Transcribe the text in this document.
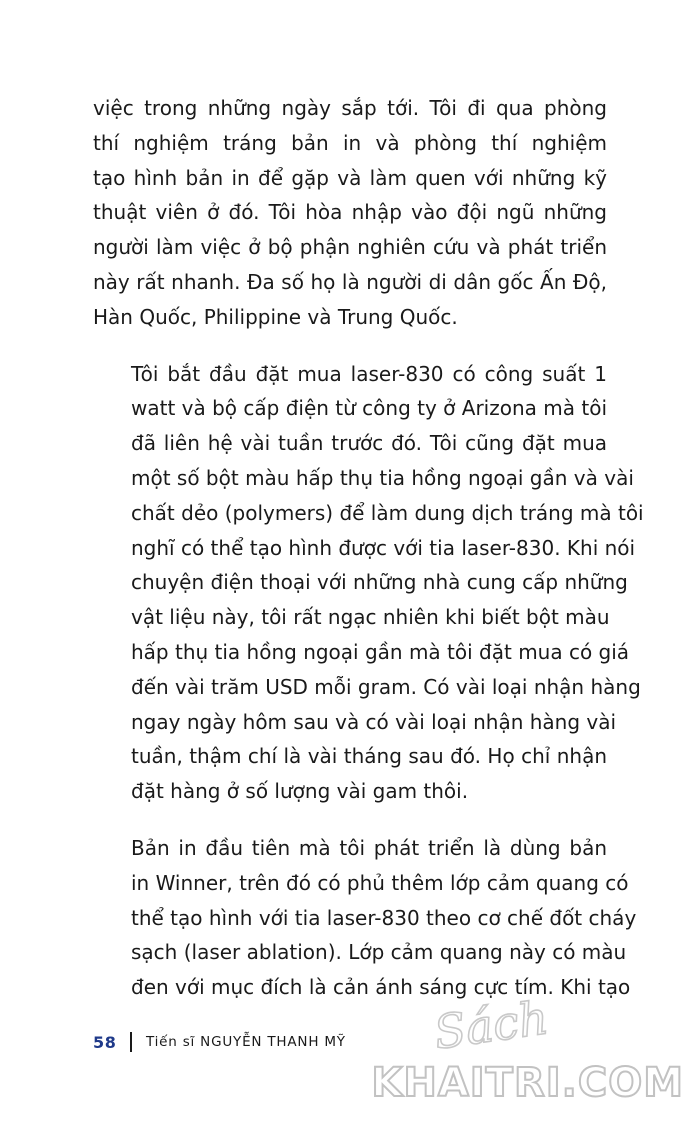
việc trong những ngày sắp tới. Tôi đi qua phòng
thí nghiệm tráng bản in và phòng thí nghiệm
tạo hình bản in để gặp và làm quen với những kỹ
thuật viên ở đó. Tôi hòa nhập vào đội ngũ những
người làm việc ở bộ phận nghiên cứu và phát triển
này rất nhanh. Đa số họ là người di dân gốc Ấn Độ,
Hàn Quốc, Philippine và Trung Quốc.
Tôi bắt đầu đặt mua laser-830 có công suất 1
watt và bộ cấp điện từ công ty ở Arizona mà tôi
đã liên hệ vài tuần trước đó. Tôi cũng đặt mua
một số bột màu hấp thụ tia hồng ngoại gần và vài
chất dẻo (polymers) để làm dung dịch tráng mà tôi
nghĩ có thể tạo hình được với tia laser-830. Khi nói
chuyện điện thoại với những nhà cung cấp những
vật liệu này, tôi rất ngạc nhiên khi biết bột màu
hấp thụ tia hồng ngoại gần mà tôi đặt mua có giá
đến vài trăm USD mỗi gram. Có vài loại nhận hàng
ngay ngày hôm sau và có vài loại nhận hàng vài
tuần, thậm chí là vài tháng sau đó. Họ chỉ nhận
đặt hàng ở số lượng vài gam thôi.
Bản in đầu tiên mà tôi phát triển là dùng bản
in Winner, trên đó có phủ thêm lớp cảm quang có
thể tạo hình với tia laser-830 theo cơ chế đốt cháy
sạch (laser ablation). Lớp cảm quang này có màu
đen với mục đích là cản ánh sáng cực tím. Khi tạo
58 Tiến sĩ NGUYỄN THANH MỸ Sách
KHAITRI.COM
